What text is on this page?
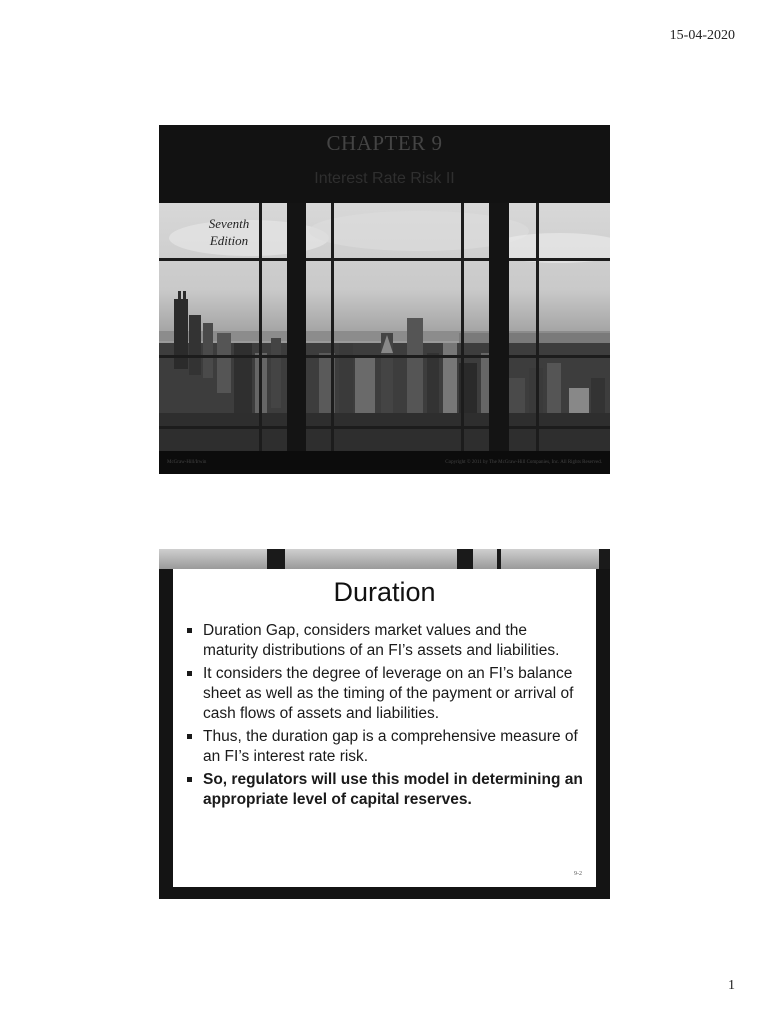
15-04-2020
CHAPTER 9
Interest Rate Risk II
Seventh
Edition
McGraw-Hill/Irwin	Copyright © 2011 by The McGraw-Hill Companies, Inc. All Rights Reserved.
Duration
Duration Gap, considers market values and the maturity distributions of an FI’s assets and liabilities.
It considers the degree of leverage on an FI’s balance sheet as well as the timing of the payment or arrival of cash flows of assets and liabilities.
Thus, the duration gap is a comprehensive measure of an FI’s interest rate risk.
So, regulators will use this model in determining an appropriate level of capital reserves.
9-2
1
